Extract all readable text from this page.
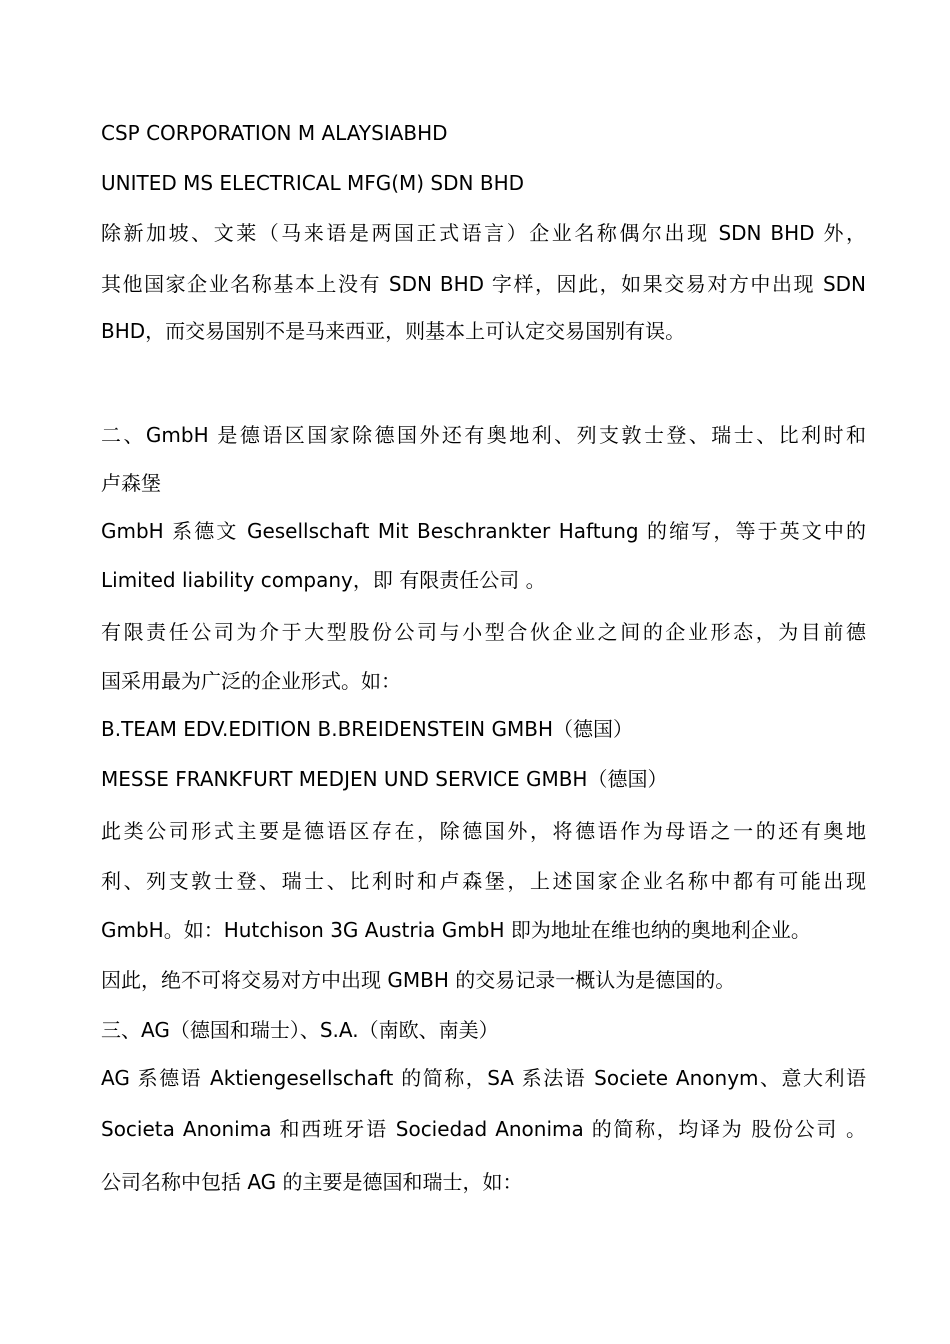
CSP CORPORATION M ALAYSIABHD
UNITED MS ELECTRICAL MFG(M) SDN BHD
除新加坡、文莱（马来语是两国正式语言）企业名称偶尔出现 SDN BHD 外，
其他国家企业名称基本上没有 SDN BHD 字样，因此，如果交易对方中出现 SDN
BHD，而交易国别不是马来西亚，则基本上可认定交易国别有误。
二、GmbH 是德语区国家除德国外还有奥地利、列支敦士登、瑞士、比利时和
卢森堡
GmbH 系德文 Gesellschaft Mit Beschrankter Haftung 的缩写，等于英文中的
Limited liability company，即 有限责任公司 。
有限责任公司为介于大型股份公司与小型合伙企业之间的企业形态，为目前德
国采用最为广泛的企业形式。如：
B.TEAM EDV.EDITION B.BREIDENSTEIN GMBH（德国）
MESSE FRANKFURT MEDJEN UND SERVICE GMBH（德国）
此类公司形式主要是德语区存在，除德国外，将德语作为母语之一的还有奥地
利、列支敦士登、瑞士、比利时和卢森堡，上述国家企业名称中都有可能出现
GmbH。如：Hutchison 3G Austria GmbH 即为地址在维也纳的奥地利企业。
因此，绝不可将交易对方中出现 GMBH 的交易记录一概认为是德国的。
三、AG（德国和瑞士）、S.A.（南欧、南美）
AG 系德语 Aktiengesellschaft 的简称，SA 系法语 Societe Anonym、意大利语
Societa Anonima 和西班牙语 Sociedad Anonima 的简称，均译为 股份公司 。
公司名称中包括 AG 的主要是德国和瑞士，如：
